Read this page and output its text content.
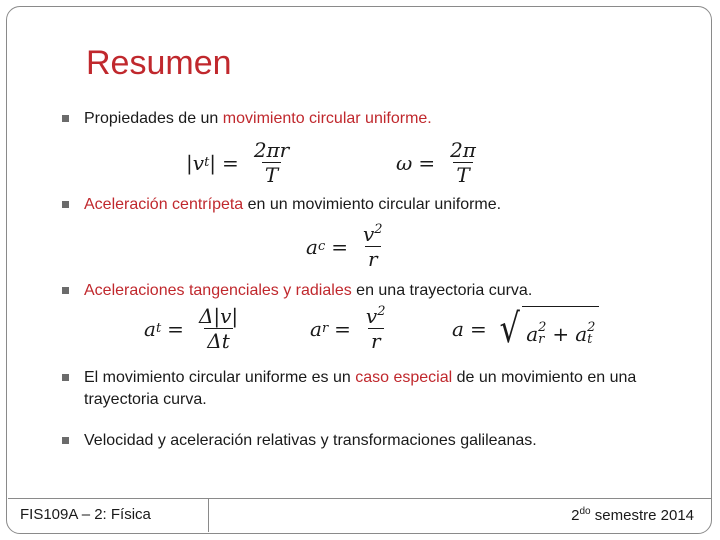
Resumen
Propiedades de un movimiento circular uniforme.
| v t | = $\frac{2\pi r}{T}$	$\omega = \frac{2\pi}{T}$
Aceleración centrípeta en un movimiento circular uniforme.
a $c = \frac{v^2}{r}$
Aceleraciones tangenciales y radiales en una trayectoria curva.
a $t = \frac{\Delta|v|}{\Delta t}$	a $r = \frac{v^2}{r}$	a = √ a 2
r + a 2
t
El movimiento circular uniforme es un caso especial de un movimiento en una trayectoria curva.
Velocidad y aceleración relativas y transformaciones galileanas.
FIS109A – 2: Física	$2^{do}$ semestre 2014
